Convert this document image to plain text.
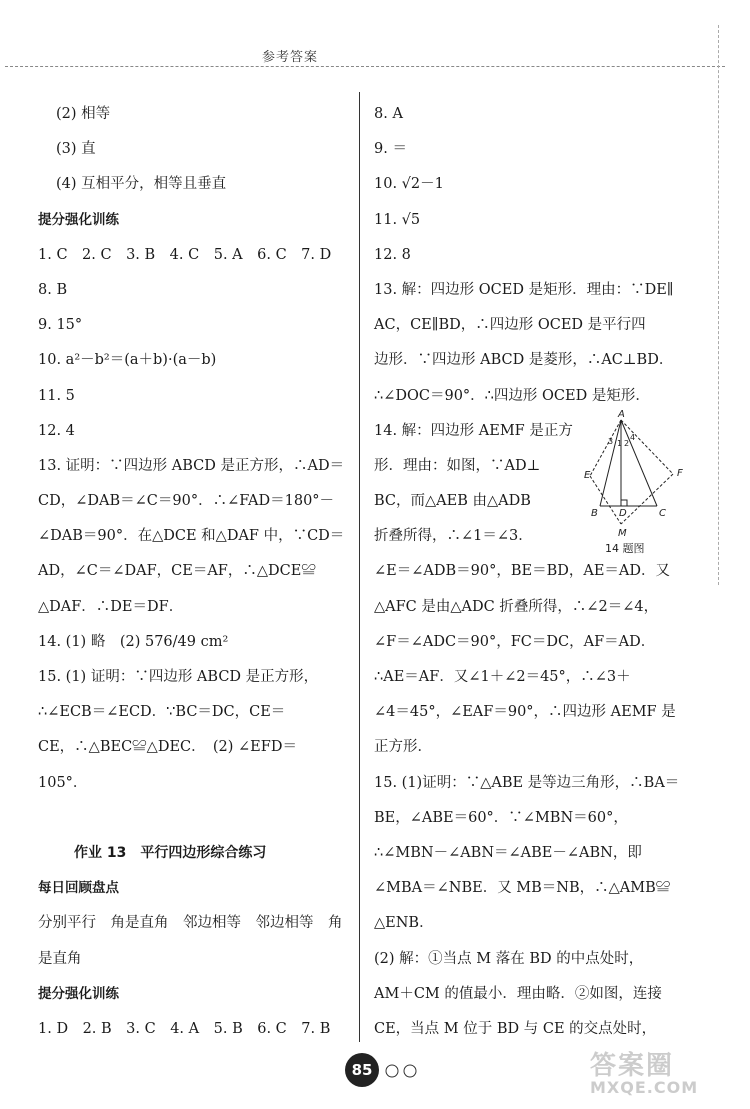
参考答案
(2) 相等
(3) 直
(4) 互相平分，相等且垂直
提分强化训练
1. C　2. C　3. B　4. C　5. A　6. C　7. D
8. B
9. 15°
10. a²－b²＝(a＋b)·(a－b)
11. 5
12. 4
13. 证明：∵四边形 ABCD 是正方形，∴AD＝
CD，∠DAB＝∠C＝90°．∴∠FAD＝180°－
∠DAB＝90°．在△DCE 和△DAF 中，∵CD＝
AD，∠C＝∠DAF，CE＝AF，∴△DCE≌
△DAF．∴DE＝DF．
14. (1) 略　(2) 576/49 cm²
15. (1) 证明：∵四边形 ABCD 是正方形，
∴∠ECB＝∠ECD．∵BC＝DC，CE＝
CE，∴△BEC≌△DEC．　(2) ∠EFD＝
105°．
作业 13　平行四边形综合练习
每日回顾盘点
分别平行　角是直角　邻边相等　邻边相等　角
是直角
提分强化训练
1. D　2. B　3. C　4. A　5. B　6. C　7. B
8. A
9. ＝
10. √2－1
11. √5
12. 8
13. 解：四边形 OCED 是矩形．理由：∵DE∥
AC，CE∥BD，∴四边形 OCED 是平行四
边形．∵四边形 ABCD 是菱形，∴AC⊥BD．
∴∠DOC＝90°．∴四边形 OCED 是矩形．
14. 解：四边形 AEMF 是正方
形．理由：如图，∵AD⊥
BC，而△AEB 由△ADB
折叠所得，∴∠1＝∠3．
∠E＝∠ADB＝90°，BE＝BD，AE＝AD．又
△AFC 是由△ADC 折叠所得，∴∠2＝∠4，
∠F＝∠ADC＝90°，FC＝DC，AF＝AD．
∴AE＝AF．又∠1＋∠2＝45°，∴∠3＋
∠4＝45°，∠EAF＝90°，∴四边形 AEMF 是
正方形．
15. (1)证明：∵△ABE 是等边三角形，∴BA＝
BE，∠ABE＝60°．∵∠MBN＝60°，
∴∠MBN－∠ABN＝∠ABE－∠ABN，即
∠MBA＝∠NBE．又 MB＝NB，∴△AMB≌
△ENB．
(2) 解：①当点 M 落在 BD 的中点处时，
AM＋CM 的值最小．理由略．②如图，连接
CE，当点 M 位于 BD 与 CE 的交点处时，
A
E	F
B D	C
M
1 2
3 4
14 题图
85	答案圈
MXQE.COM
